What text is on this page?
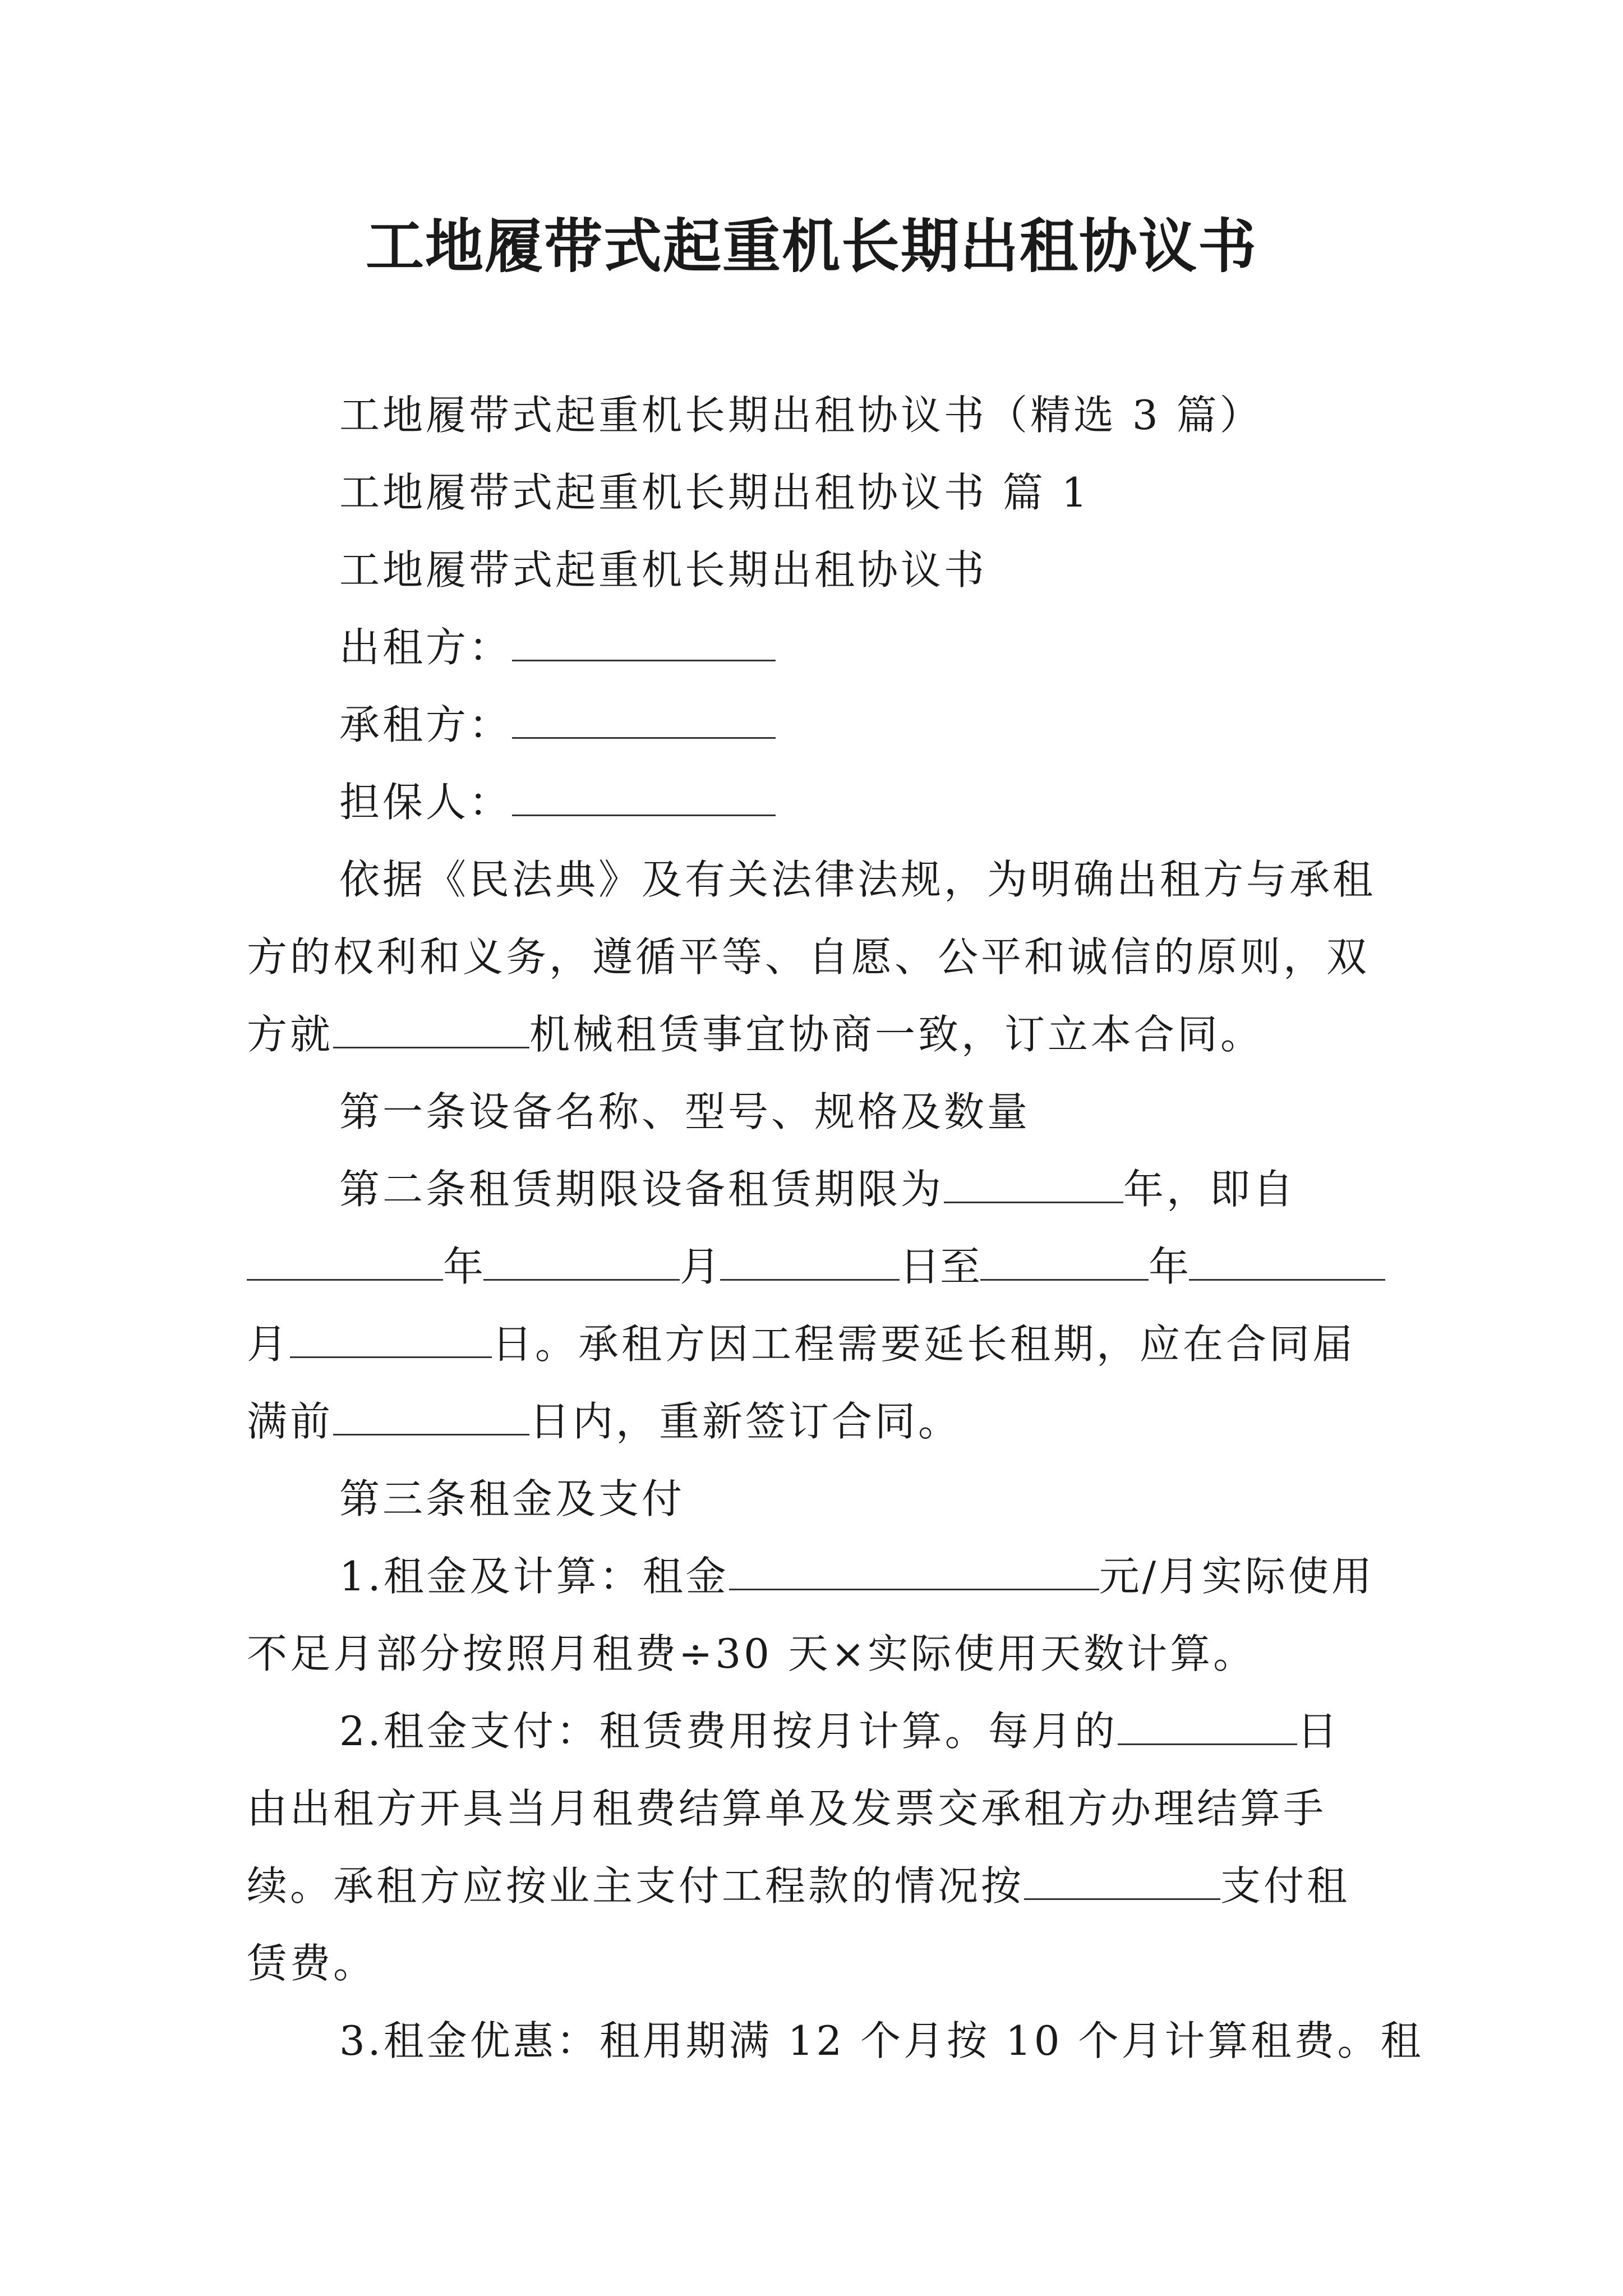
工地履带式起重机长期出租协议书
工地履带式起重机长期出租协议书（精选 3 篇）
工地履带式起重机长期出租协议书 篇 1
工地履带式起重机长期出租协议书
出租方：
承租方：
担保人：
依据《民法典》及有关法律法规，为明确出租方与承租
方的权利和义务，遵循平等、自愿、公平和诚信的原则，双
方就	机械租赁事宜协商一致，订立本合同。
第一条设备名称、型号、规格及数量
第二条租赁期限设备租赁期限为	年，即自
年	月	日至	年
月	日。承租方因工程需要延长租期，应在合同届
满前	日内，重新签订合同。
第三条租金及支付
1.租金及计算：租金	元/月实际使用
不足月部分按照月租费÷30 天×实际使用天数计算。
2.租金支付：租赁费用按月计算。每月的	日
由出租方开具当月租费结算单及发票交承租方办理结算手
续。承租方应按业主支付工程款的情况按	支付租
赁费。
3.租金优惠：租用期满 12 个月按 10 个月计算租费。租
